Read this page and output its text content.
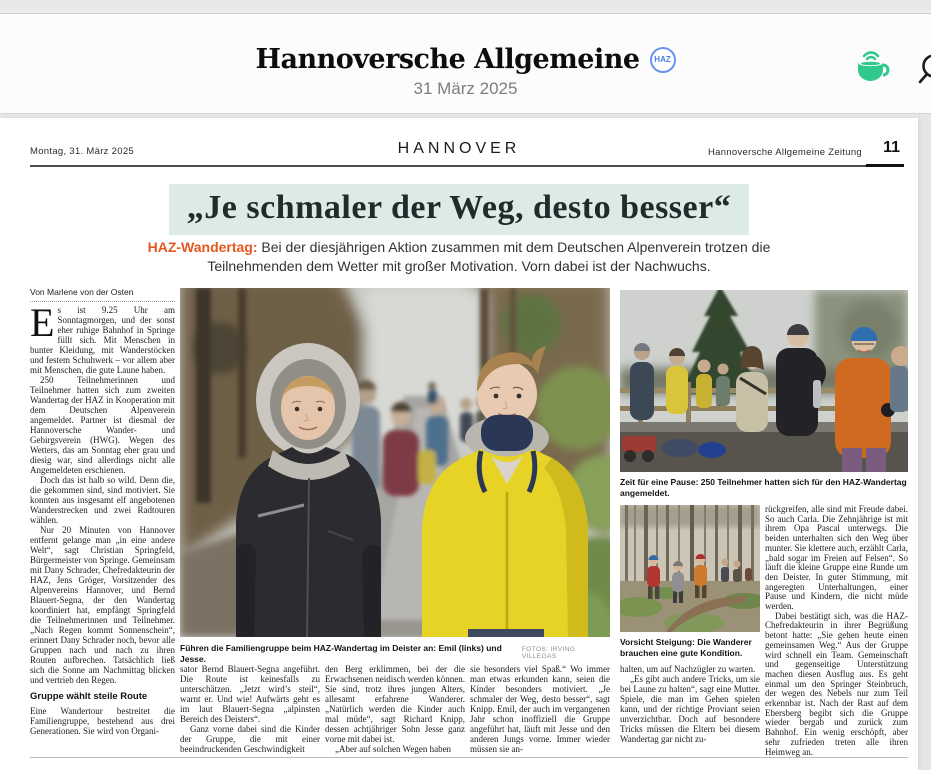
Hannoversche Allgemeine HAZ
31 März 2025
Montag, 31. März 2025	HANNOVER	Hannoversche Allgemeine Zeitung 11
„Je schmaler der Weg, desto besser“
HAZ-Wandertag: Bei der diesjährigen Aktion zusammen mit dem Deutschen Alpenverein trotzen die Teilnehmenden dem Wetter mit großer Motivation. Vorn dabei ist der Nachwuchs.
Von Marlene von der Osten

Es ist 9.25 Uhr am Sonntagmorgen, und der sonst eher ruhige Bahnhof in Springe füllt sich. Mit Menschen in bunter Kleidung, mit Wanderstöcken und festem Schuhwerk – vor allem aber mit Menschen, die gute Laune haben.

250 Teilnehmerinnen und Teilnehmer hatten sich zum zweiten Wandertag der HAZ in Kooperation mit dem Deutschen Alpenverein angemeldet. Partner ist diesmal der Hannoversche Wander- und Gebirgsverein (HWG). Wegen des Wetters, das am Sonntag eher grau und diesig war, sind allerdings nicht alle Angemeldeten erschienen.

Doch das ist halb so wild. Denn die, die gekommen sind, sind motiviert. Sie konnten aus insgesamt elf angebotenen Wanderstrecken und zwei Radtouren wählen.

Nur 20 Minuten von Hannover entfernt gelange man „in eine andere Welt“, sagt Christian Springfeld, Bürgermeister von Springe. Gemeinsam mit Dany Schrader, Chefredakteurin der HAZ, Jens Gröger, Vorsitzender des Alpenvereins Hannover, und Bernd Blauert-Segna, der den Wandertag koordiniert hat, empfängt Springfeld die Teilnehmerinnen und Teilnehmer. „Nach Regen kommt Sonnenschein“, erinnert Dany Schrader noch, bevor alle Gruppen nach und nach zu ihren Routen aufbrechen. Tatsächlich ließ sich die Sonne am Nachmittag blicken und vertrieb den Regen.

Gruppe wählt steile Route

Eine Wandertour bestreitet die Familiengruppe, bestehend aus drei Generationen. Sie wird von Organi-

Führen die Familiengruppe beim HAZ-Wandertag im Deister an: Emil (links) und Jesse.
FOTOS: IRVING VILLEGAS

sator Bernd Blauert-Segna angeführt. Die Route ist keinesfalls zu unterschätzen. „Jetzt wird’s steil“, warnt er. Und wie! Aufwärts geht es im laut Blauert-Segna „alpinsten Bereich des Deisters“.

Ganz vorne dabei sind die Kinder der Gruppe, die mit einer beeindruckenden Geschwindigkeit

den Berg erklimmen, bei der die Erwachsenen neidisch werden können. Sie sind, trotz ihres jungen Alters, allesamt erfahrene Wanderer. „Natürlich werden die Kinder auch mal müde“, sagt Richard Knipp, dessen achtjähriger Sohn Jesse ganz vorne mit dabei ist.

„Aber auf solchen Wegen haben

sie besonders viel Spaß.“ Wo immer man etwas erkunden kann, seien die Kinder besonders motiviert. „Je schmaler der Weg, desto besser“, sagt Knipp. Emil, der auch im vergangenen Jahr schon inoffiziell die Gruppe angeführt hat, läuft mit Jesse und den anderen Jungs vorne. Immer wieder müssen sie an-

Zeit für eine Pause: 250 Teilnehmer hatten sich für den HAZ-Wandertag angemeldet.
Vorsicht Steigung: Die Wanderer brauchen eine gute Kondition.

halten, um auf Nachzügler zu warten.

„Es gibt auch andere Tricks, um sie bei Laune zu halten“, sagt eine Mutter. Spiele, die man im Gehen spielen kann, und der richtige Proviant seien unverzichtbar. Doch auf besondere Tricks müssen die Eltern bei diesem Wandertag gar nicht zu-

rückgreifen, alle sind mit Freude dabei. So auch Carla. Die Zehnjährige ist mit ihrem Opa Pascal unterwegs. Die beiden unterhalten sich den Weg über munter. Sie klettere auch, erzählt Carla, „bald sogar im Freien auf Felsen“. So läuft die kleine Gruppe eine Runde um den Deister. In guter Stimmung, mit angeregten Unterhaltungen, einer Pause und Kindern, die nicht müde werden.

Dabei bestätigt sich, was die HAZ-Chefredakteurin in ihrer Begrüßung betont hatte: „Sie gehen heute einen gemeinsamen Weg.“ Aus der Gruppe wird schnell ein Team. Gemeinschaft und gegenseitige Unterstützung machen diesen Ausflug aus. Es geht einmal um den Springer Steinbruch, der wegen des Nebels nur zum Teil erkennbar ist. Nach der Rast auf dem Ebersberg begibt sich die Gruppe wieder bergab und zurück zum Bahnhof. Ein wenig erschöpft, aber sehr zufrieden treten alle ihren Heimweg an.
